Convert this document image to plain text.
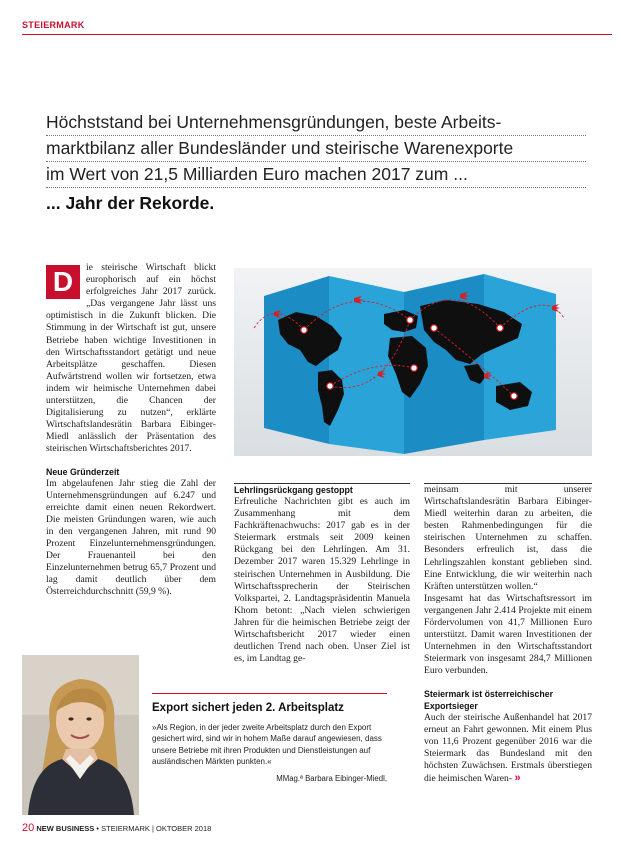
STEIERMARK
Höchststand bei Unternehmensgründungen, beste Arbeits-
marktbilanz aller Bundesländer und steirische Warenexporte
im Wert von 21,5 Milliarden Euro machen 2017 zum ...
... Jahr der Rekorde.

D	ie steirische Wirtschaft blickt europhorisch auf ein höchst erfolgreiches Jahr 2017 zurück. „Das vergangene Jahr lässt uns optimistisch in die Zukunft blicken. Die Stimmung in der Wirtschaft ist gut, unsere Betriebe haben wichtige Investitionen in den Wirtschaftsstandort getätigt und neue Arbeitsplätze geschaffen. Diesen Aufwärtstrend wollen wir fortsetzen, etwa indem wir heimische Unternehmen dabei unterstützen, die Chancen der Digitalisierung zu nutzen“, erklärte Wirtschaftslandesrätin Barbara Eibinger-Miedl anlässlich der Präsentation des steirischen Wirtschaftsberichtes 2017.

Neue Gründerzeit

Im abgelaufenen Jahr stieg die Zahl der Unternehmensgründungen auf 6.247 und erreichte damit einen neuen Rekordwert. Die meisten Gründungen waren, wie auch in den vergangenen Jahren, mit rund 90 Prozent Einzelunternehmensgründungen. Der Frauenanteil bei den Einzelunternehmen betrug 65,7 Prozent und lag damit deutlich über dem Österreichdurchschnitt (59,9 %).

Lehrlingsrückgang gestoppt

Erfreuliche Nachrichten gibt es auch im Zusammenhang mit dem Fachkräftenachwuchs: 2017 gab es in der Steiermark erstmals seit 2009 keinen Rückgang bei den Lehrlingen. Am 31. Dezember 2017 waren 15.329 Lehrlinge in steirischen Unternehmen in Ausbildung. Die Wirtschaftssprecherin der Steirischen Volkspartei, 2. Landtagspräsidentin Manuela Khom betont: „Nach vielen schwierigen Jahren für die heimischen Betriebe zeigt der Wirtschaftsbericht 2017 wieder einen deutlichen Trend nach oben. Unser Ziel ist es, im Landtag ge-

meinsam mit unserer Wirtschaftslandesrätin Barbara Eibinger-Miedl weiterhin daran zu arbeiten, die besten Rahmenbedingungen für die steirischen Unternehmen zu schaffen. Besonders erfreulich ist, dass die Lehrlingszahlen konstant geblieben sind. Eine Entwicklung, die wir weiterhin nach Kräften unterstützen wollen.“

Insgesamt hat das Wirtschaftsressort im vergangenen Jahr 2.414 Projekte mit einem Fördervolumen von 41,7 Millionen Euro unterstützt. Damit waren Investitionen der Unternehmen in den Wirtschaftsstandort Steiermark von insgesamt 284,7 Millionen Euro verbunden.

Steiermark ist österreichischer Exportsieger

Auch der steirische Außenhandel hat 2017 erneut an Fahrt gewonnen. Mit einem Plus von 11,6 Prozent gegenüber 2016 war die Steiermark das Bundesland mit den höchsten Zuwächsen. Erstmals überstiegen die heimischen Waren- »

Export sichert jeden 2. Arbeitsplatz
»Als Region, in der jeder zweite Arbeitsplatz durch den Export gesichert wird, sind wir in hohem Maße darauf angewiesen, dass unsere Betriebe mit ihren Produkten und Dienstleistungen auf ausländischen Märkten punkten.«
MMag.ª Barbara Eibinger-Miedl,
20 NEW BUSINESS • STEIERMARK | OKTOBER 2018
